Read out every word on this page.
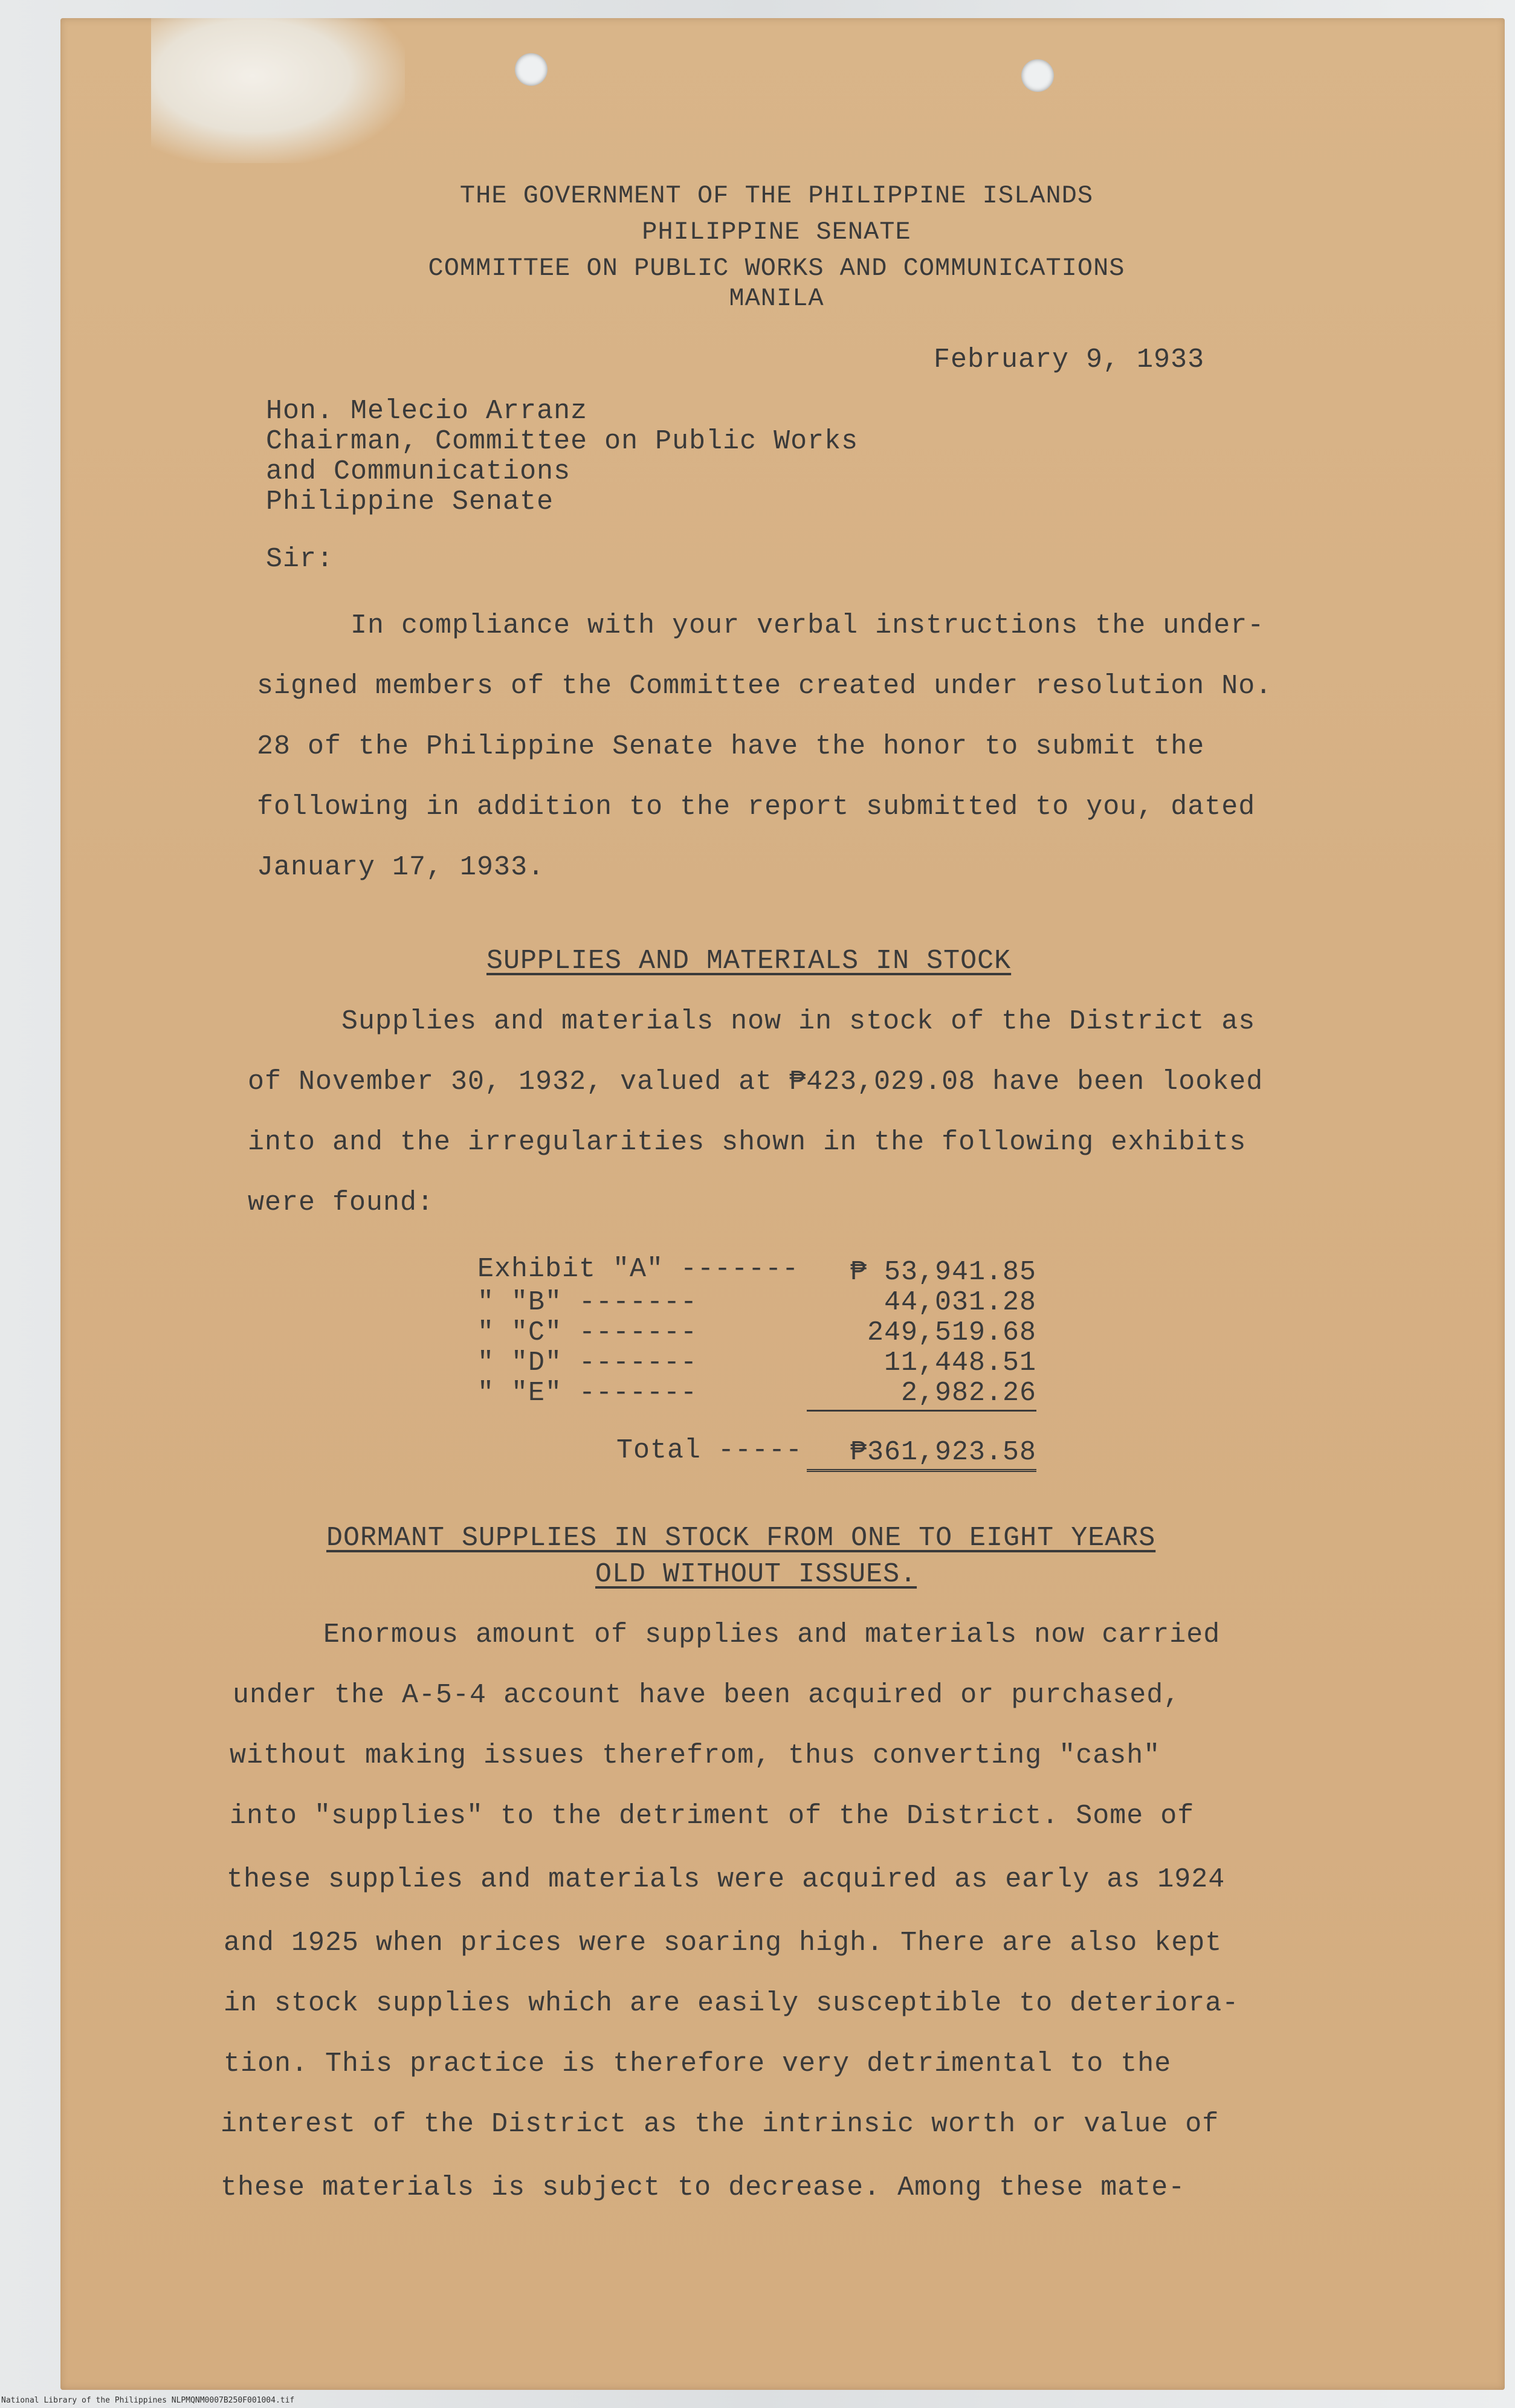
THE GOVERNMENT OF THE PHILIPPINE ISLANDS
PHILIPPINE SENATE
COMMITTEE ON PUBLIC WORKS AND COMMUNICATIONS
MANILA
February 9, 1933
Hon. Melecio Arranz
Chairman, Committee on Public Works
and Communications
Philippine Senate
Sir:
In compliance with your verbal instructions the under-
signed members of the Committee created under resolution No.
28 of the Philippine Senate have the honor to submit the
following in addition to the report submitted to you, dated
January 17, 1933.
SUPPLIES AND MATERIALS IN STOCK
Supplies and materials now in stock of the District as
of November 30, 1932, valued at ₱423,029.08 have been looked
into and the irregularities shown in the following exhibits
were found:
Exhibit "A" -------	₱ 53,941.85
" "B" -------	44,031.28
" "C" -------	249,519.68
" "D" -------	11,448.51
" "E" -------	2,982.26
Total -----	₱361,923.58
DORMANT SUPPLIES IN STOCK FROM ONE TO EIGHT YEARS
OLD WITHOUT ISSUES.
Enormous amount of supplies and materials now carried
under the A-5-4 account have been acquired or purchased,
without making issues therefrom, thus converting "cash"
into "supplies" to the detriment of the District. Some of
these supplies and materials were acquired as early as 1924
and 1925 when prices were soaring high. There are also kept
in stock supplies which are easily susceptible to deteriora-
tion. This practice is therefore very detrimental to the
interest of the District as the intrinsic worth or value of
these materials is subject to decrease. Among these mate-
National Library of the Philippines NLPMQNM0007B250F001004.tif
